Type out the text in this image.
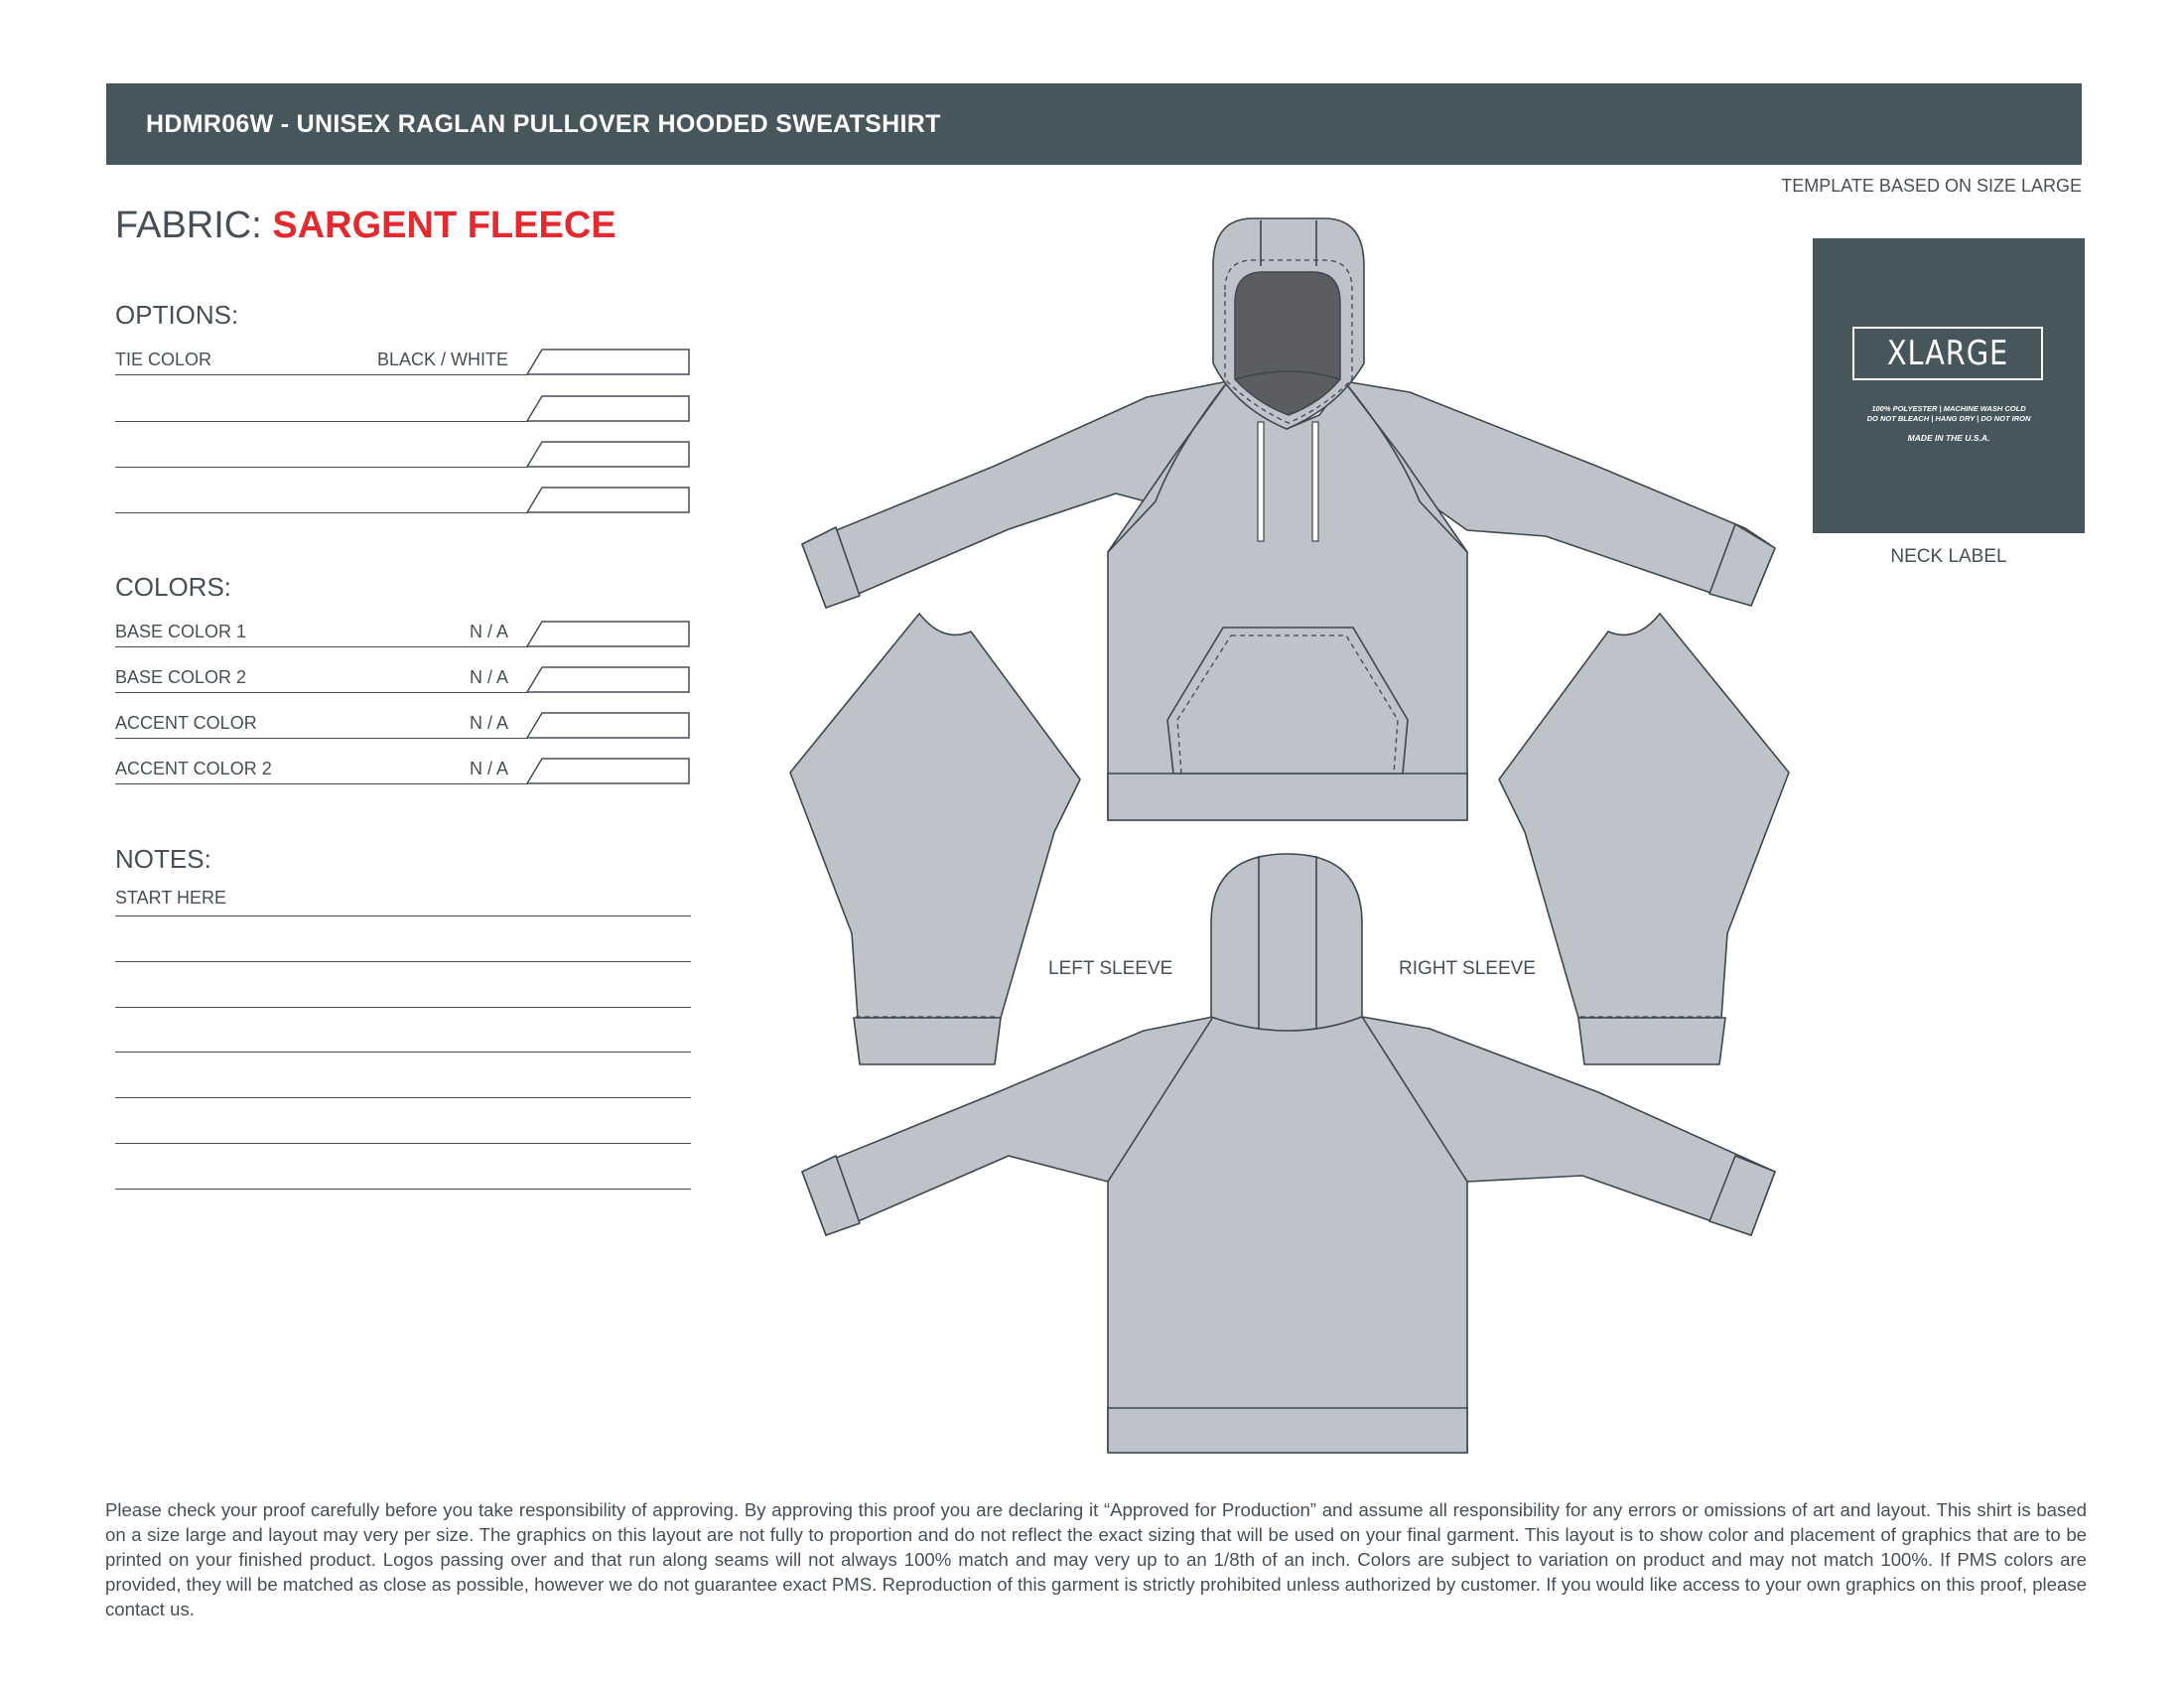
HDMR06W - UNISEX RAGLAN PULLOVER HOODED SWEATSHIRT
TEMPLATE BASED ON SIZE LARGE
FABRIC: SARGENT FLEECE
OPTIONS:
TIE COLOR	BLACK / WHITE
COLORS:
BASE COLOR 1	N / A
BASE COLOR 2	N / A
ACCENT COLOR	N / A
ACCENT COLOR 2	N / A
NOTES:
START HERE
LEFT SLEEVE	RIGHT SLEEVE
XLARGE
100% POLYESTER | MACHINE WASH COLD
DO NOT BLEACH | HANG DRY | DO NOT IRON
MADE IN THE U.S.A.
NECK LABEL
Please check your proof carefully before you take responsibility of approving. By approving this proof you are declaring it “Approved for Production” and assume all responsibility for any errors or omissions of art and layout. This shirt is based on a size large and layout may very per size. The graphics on this layout are not fully to proportion and do not reflect the exact sizing that will be used on your final garment. This layout is to show color and placement of graphics that are to be printed on your finished product. Logos passing over and that run along seams will not always 100% match and may very up to an 1/8th of an inch. Colors are subject to variation on product and may not match 100%. If PMS colors are provided, they will be matched as close as possible, however we do not guarantee exact PMS. Reproduction of this garment is strictly prohibited unless authorized by customer. If you would like access to your own graphics on this proof, please contact us.
